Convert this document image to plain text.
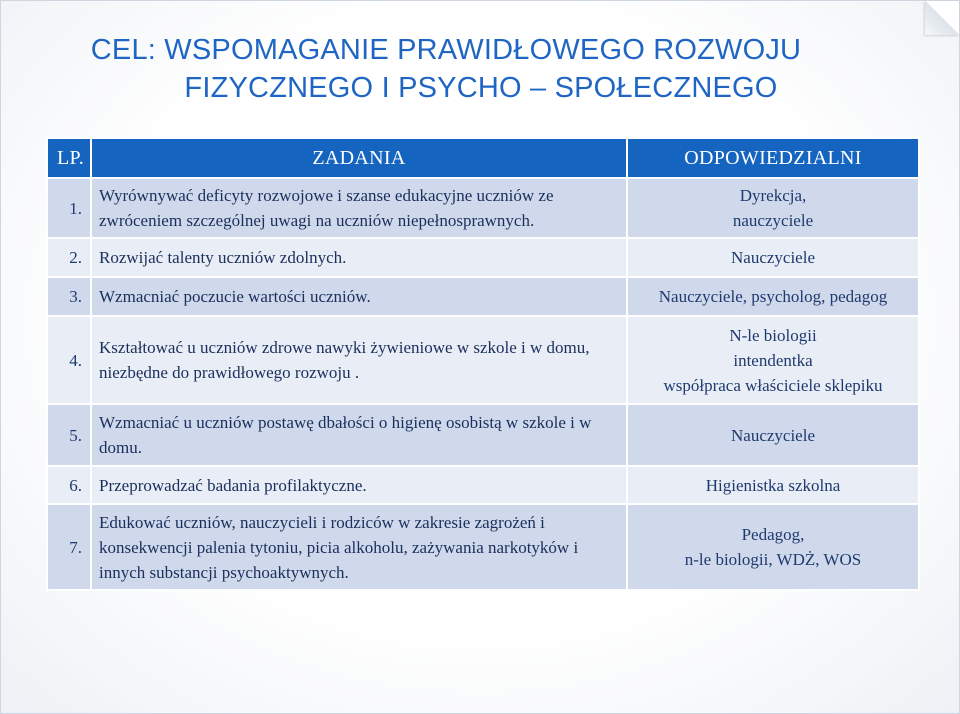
CEL: WSPOMAGANIE PRAWIDŁOWEGO ROZWOJU
FIZYCZNEGO I PSYCHO – SPOŁECZNEGO
LP.	ZADANIA	ODPOWIEDZIALNI
1.	Wyrównywać deficyty rozwojowe i szanse edukacyjne uczniów ze zwróceniem szczególnej uwagi na uczniów niepełnosprawnych.	Dyrekcja,
nauczyciele

2.	Rozwijać talenty uczniów zdolnych.	Nauczyciele

3.	Wzmacniać poczucie wartości uczniów.	Nauczyciele, psycholog, pedagog

4.	Kształtować u uczniów zdrowe nawyki żywieniowe w szkole i w domu, niezbędne do prawidłowego rozwoju .	N-le biologii
intendentka
współpraca właściciele sklepiku

5.	Wzmacniać u uczniów postawę dbałości o higienę osobistą w szkole i w domu.	Nauczyciele

6.	Przeprowadzać badania profilaktyczne.	Higienistka szkolna

7.	Edukować uczniów, nauczycieli i rodziców w zakresie zagrożeń i konsekwencji palenia tytoniu, picia alkoholu, zażywania narkotyków i innych substancji psychoaktywnych.	Pedagog,
n-le biologii, WDŻ, WOS
